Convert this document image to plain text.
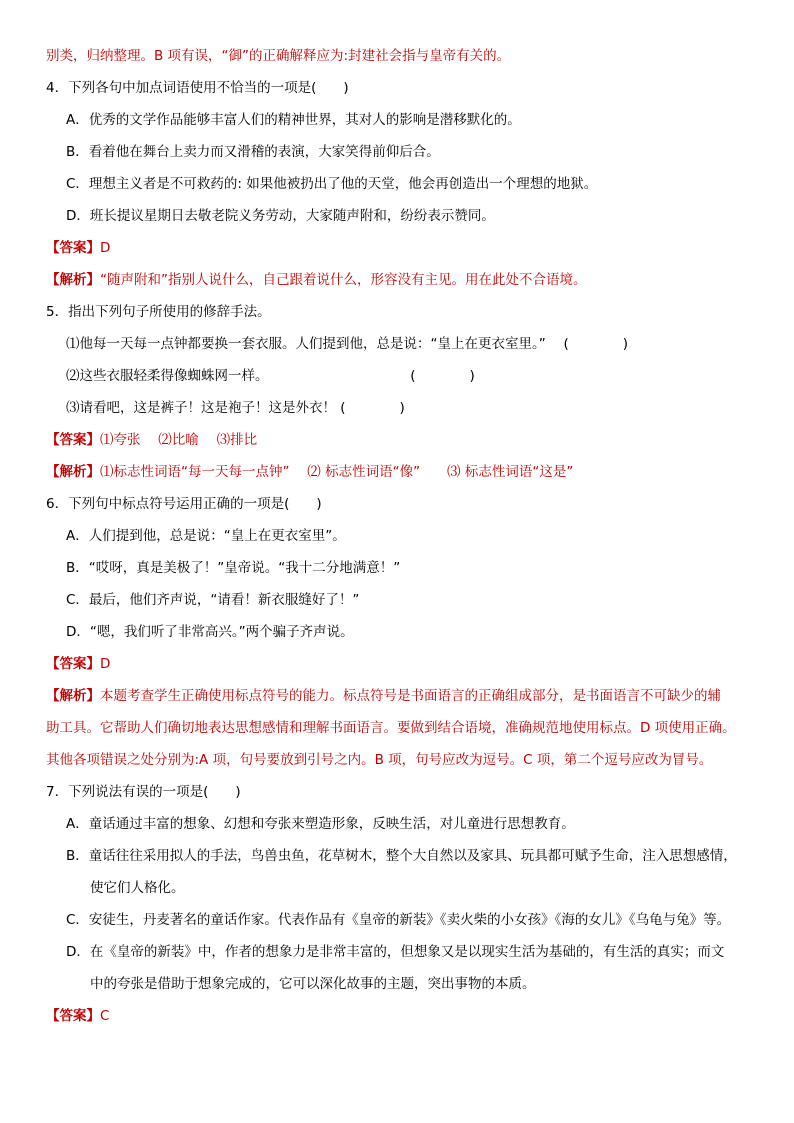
别类，归纳整理。B 项有误，“御”的正确解释应为:封建社会指与皇帝有关的。
4．下列各句中加点词语使用不恰当的一项是(　　)
A．优秀的文学作品能够丰富人们的精神世界，其对人的影响是潜移默化的。
B．看着他在舞台上卖力而又滑稽的表演，大家笑得前仰后合。
C．理想主义者是不可救药的: 如果他被扔出了他的天堂，他会再创造出一个理想的地狱。
D．班长提议星期日去敬老院义务劳动，大家随声附和，纷纷表示赞同。
【答案】D
【解析】“随声附和”指别人说什么，自己跟着说什么，形容没有主见。用在此处不合语境。
5．指出下列句子所使用的修辞手法。
⑴他每一天每一点钟都要换一套衣服。人们提到他，总是说：“皇上在更衣室里。”　 (　　　　)
⑵这些衣服轻柔得像蜘蛛网一样。　　　　　　　　　　　(　　　　)
⑶请看吧，这是裤子！这是袍子！这是外衣！ (　　　　)
【答案】⑴夸张　 ⑵比喻　 ⑶排比
【解析】⑴标志性词语“每一天每一点钟”　 ⑵ 标志性词语“像”　　⑶ 标志性词语“这是”
6．下列句中标点符号运用正确的一项是(　　)
A．人们提到他，总是说：“皇上在更衣室里”。
B．“哎呀，真是美极了！”皇帝说。“我十二分地满意！”
C．最后，他们齐声说，“请看！新衣服缝好了！”
D．“嗯，我们听了非常高兴。”两个骗子齐声说。
【答案】D
【解析】本题考查学生正确使用标点符号的能力。标点符号是书面语言的正确组成部分，是书面语言不可缺少的辅
助工具。它帮助人们确切地表达思想感情和理解书面语言。要做到结合语境，准确规范地使用标点。D 项使用正确。
其他各项错误之处分别为:A 项，句号要放到引号之内。B 项，句号应改为逗号。C 项，第二个逗号应改为冒号。
7．下列说法有误的一项是(　　)
A．童话通过丰富的想象、幻想和夸张来塑造形象，反映生活，对儿童进行思想教育。
B．童话往往采用拟人的手法，鸟兽虫鱼，花草树木，整个大自然以及家具、玩具都可赋予生命，注入思想感情，
使它们人格化。
C．安徒生，丹麦著名的童话作家。代表作品有《皇帝的新装》《卖火柴的小女孩》《海的女儿》《乌龟与兔》等。
D．在《皇帝的新装》中，作者的想象力是非常丰富的，但想象又是以现实生活为基础的，有生活的真实；而文
中的夸张是借助于想象完成的，它可以深化故事的主题，突出事物的本质。
【答案】C
